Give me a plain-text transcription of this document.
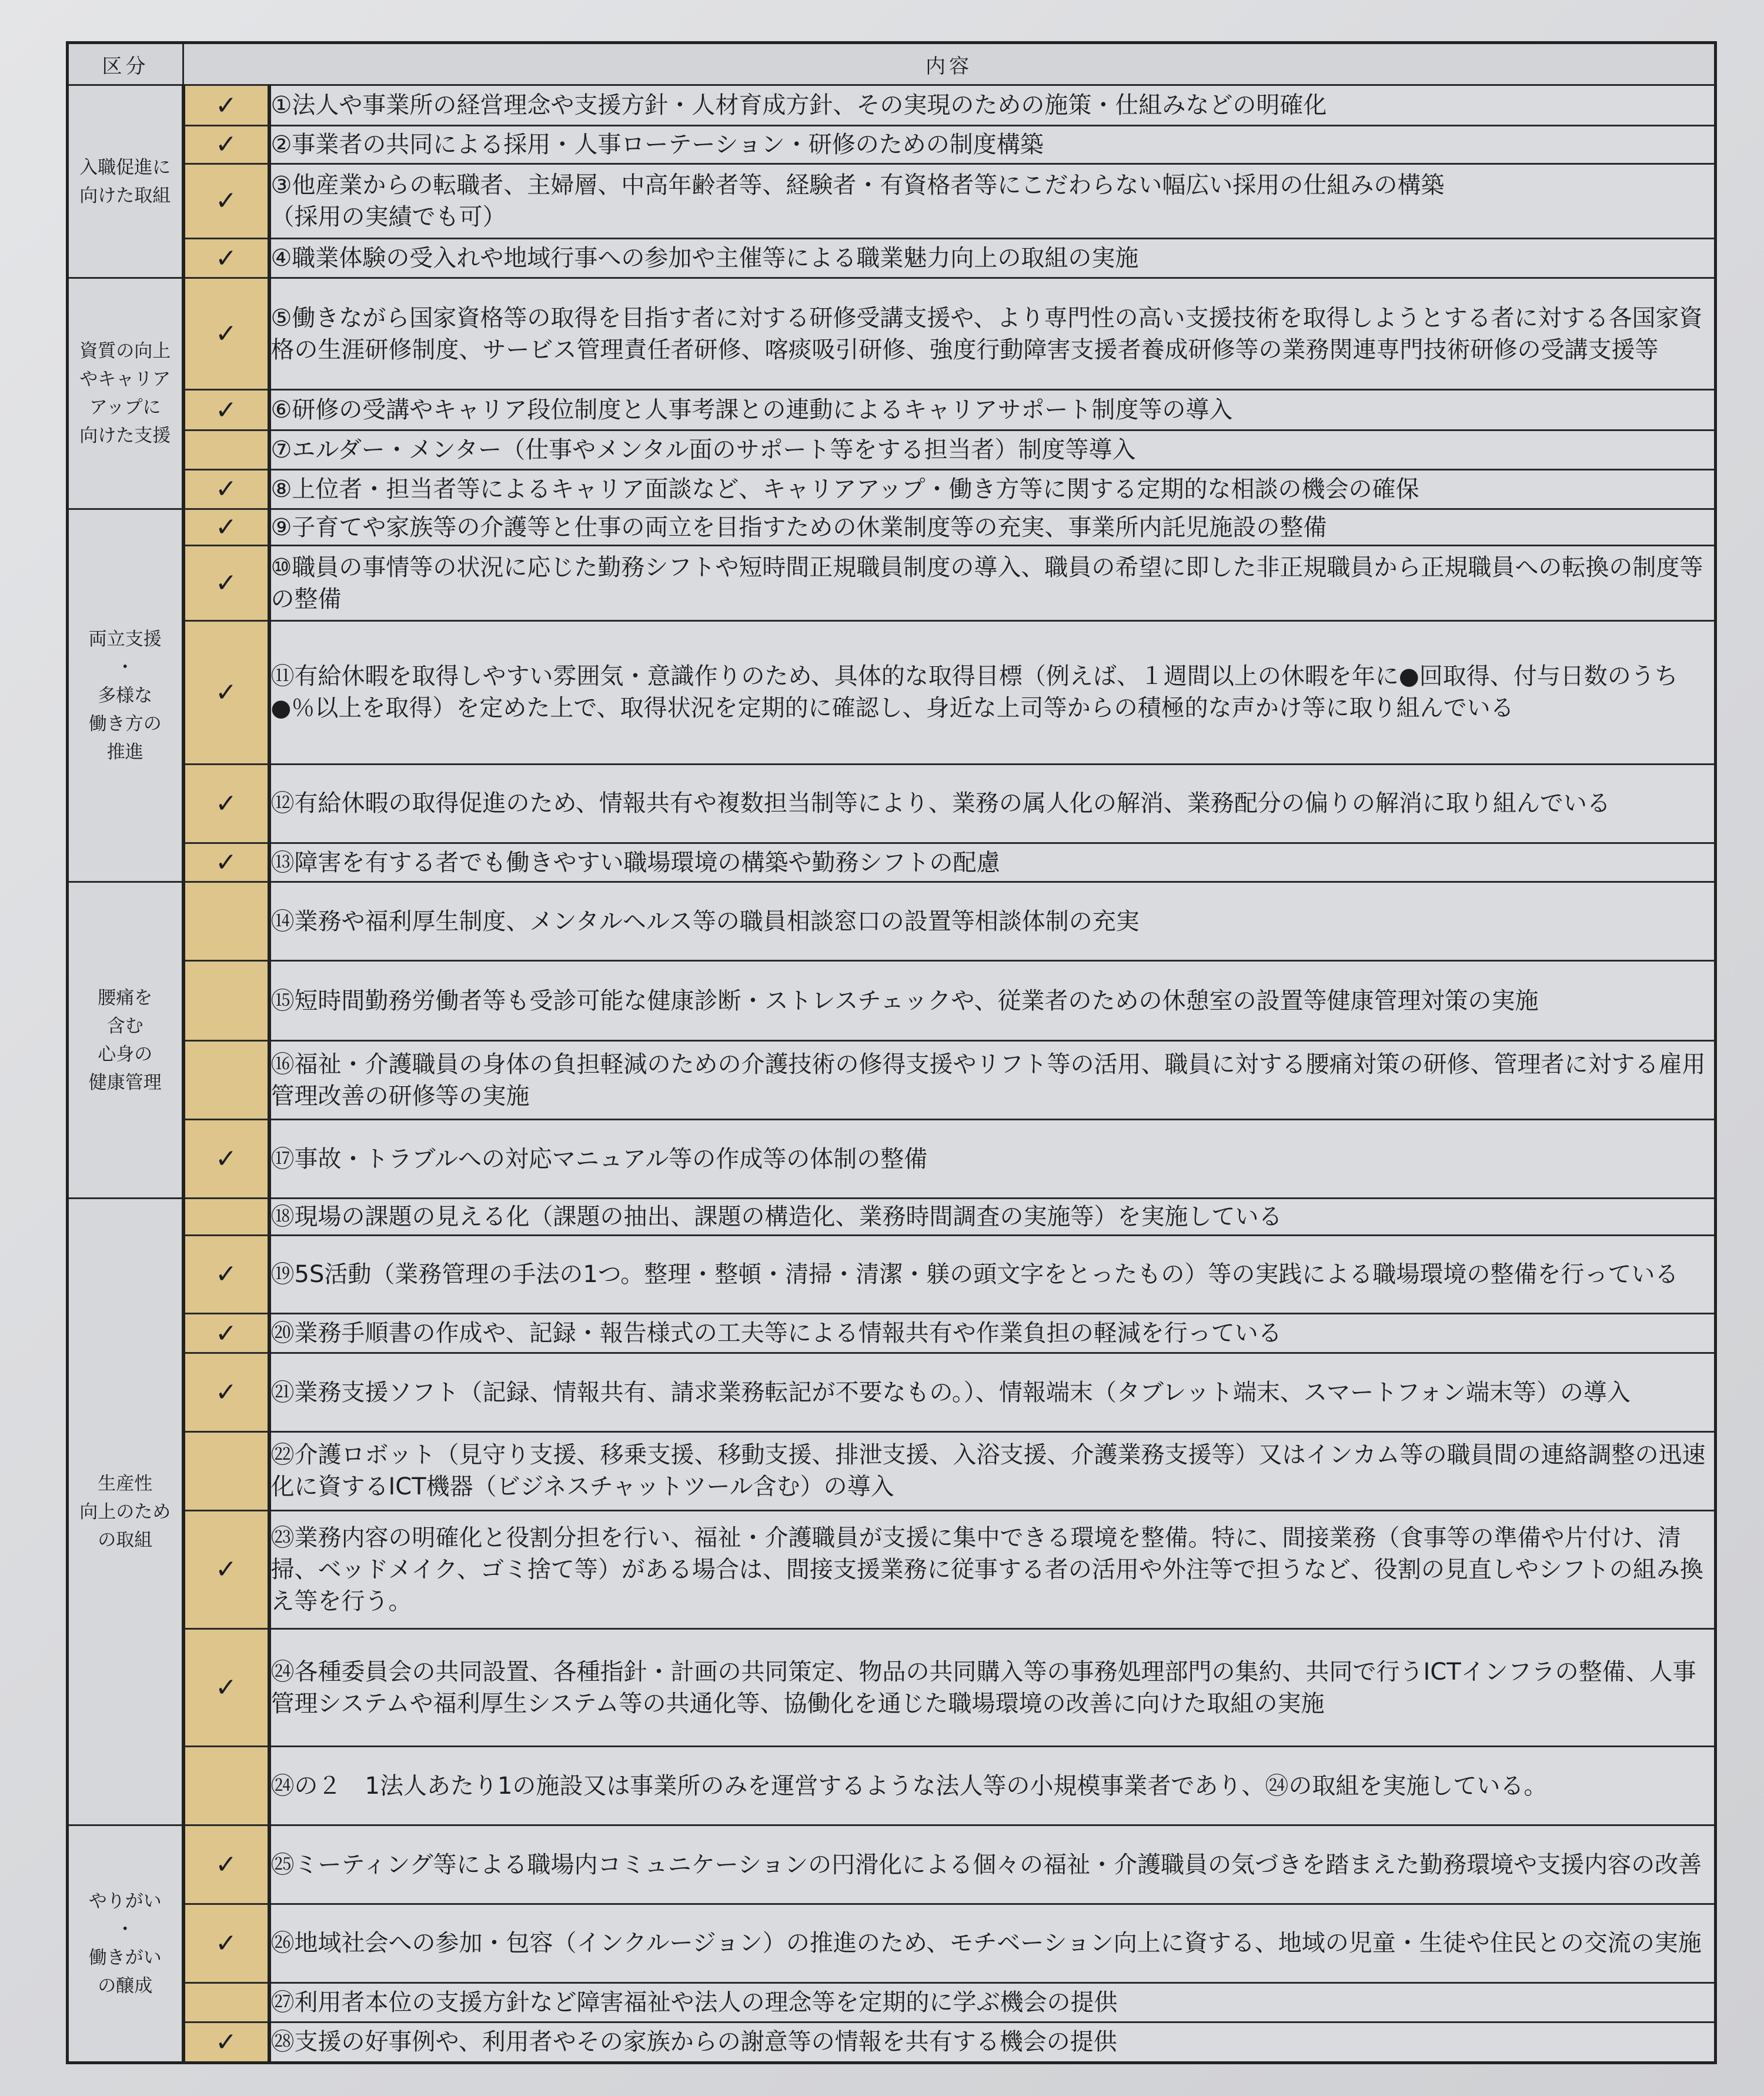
区分	内容	
入職促進に
向けた取組	✓	①法人や事業所の経営理念や支援方針・人材育成方針、その実現のための施策・仕組みなどの明確化
	✓	②事業者の共同による採用・人事ローテーション・研修のための制度構築
	✓	③他産業からの転職者、主婦層、中高年齢者等、経験者・有資格者等にこだわらない幅広い採用の仕組みの構築
（採用の実績でも可）
	✓	④職業体験の受入れや地域行事への参加や主催等による職業魅力向上の取組の実施
資質の向上
やキャリア
アップに
向けた支援	✓	⑤働きながら国家資格等の取得を目指す者に対する研修受講支援や、より専門性の高い支援技術を取得しようとする者に対する各国家資格の生涯研修制度、サービス管理責任者研修、喀痰吸引研修、強度行動障害支援者養成研修等の業務関連専門技術研修の受講支援等
	✓	⑥研修の受講やキャリア段位制度と人事考課との連動によるキャリアサポート制度等の導入
		⑦エルダー・メンター（仕事やメンタル面のサポート等をする担当者）制度等導入
	✓	⑧上位者・担当者等によるキャリア面談など、キャリアアップ・働き方等に関する定期的な相談の機会の確保
両立支援
・
多様な
働き方の
推進	✓	⑨子育てや家族等の介護等と仕事の両立を目指すための休業制度等の充実、事業所内託児施設の整備
	✓	⑩職員の事情等の状況に応じた勤務シフトや短時間正規職員制度の導入、職員の希望に即した非正規職員から正規職員への転換の制度等の整備
	✓	⑪有給休暇を取得しやすい雰囲気・意識作りのため、具体的な取得目標（例えば、１週間以上の休暇を年に●回取得、付与日数のうち●％以上を取得）を定めた上で、取得状況を定期的に確認し、身近な上司等からの積極的な声かけ等に取り組んでいる
	✓	⑫有給休暇の取得促進のため、情報共有や複数担当制等により、業務の属人化の解消、業務配分の偏りの解消に取り組んでいる
	✓	⑬障害を有する者でも働きやすい職場環境の構築や勤務シフトの配慮
腰痛を
含む
心身の
健康管理		⑭業務や福利厚生制度、メンタルヘルス等の職員相談窓口の設置等相談体制の充実
		⑮短時間勤務労働者等も受診可能な健康診断・ストレスチェックや、従業者のための休憩室の設置等健康管理対策の実施
		⑯福祉・介護職員の身体の負担軽減のための介護技術の修得支援やリフト等の活用、職員に対する腰痛対策の研修、管理者に対する雇用管理改善の研修等の実施
	✓	⑰事故・トラブルへの対応マニュアル等の作成等の体制の整備
生産性
向上のため
の取組		⑱現場の課題の見える化（課題の抽出、課題の構造化、業務時間調査の実施等）を実施している
	✓	⑲5S活動（業務管理の手法の1つ。整理・整頓・清掃・清潔・躾の頭文字をとったもの）等の実践による職場環境の整備を行っている
	✓	⑳業務手順書の作成や、記録・報告様式の工夫等による情報共有や作業負担の軽減を行っている
	✓	㉑業務支援ソフト（記録、情報共有、請求業務転記が不要なもの。）、情報端末（タブレット端末、スマートフォン端末等）の導入
		㉒介護ロボット（見守り支援、移乗支援、移動支援、排泄支援、入浴支援、介護業務支援等）又はインカム等の職員間の連絡調整の迅速化に資するICT機器（ビジネスチャットツール含む）の導入
	✓	㉓業務内容の明確化と役割分担を行い、福祉・介護職員が支援に集中できる環境を整備。特に、間接業務（食事等の準備や片付け、清掃、ベッドメイク、ゴミ捨て等）がある場合は、間接支援業務に従事する者の活用や外注等で担うなど、役割の見直しやシフトの組み換え等を行う。
	✓	㉔各種委員会の共同設置、各種指針・計画の共同策定、物品の共同購入等の事務処理部門の集約、共同で行うICTインフラの整備、人事管理システムや福利厚生システム等の共通化等、協働化を通じた職場環境の改善に向けた取組の実施
		㉔の２　1法人あたり1の施設又は事業所のみを運営するような法人等の小規模事業者であり、㉔の取組を実施している。
やりがい
・
働きがい
の醸成	✓	㉕ミーティング等による職場内コミュニケーションの円滑化による個々の福祉・介護職員の気づきを踏まえた勤務環境や支援内容の改善
	✓	㉖地域社会への参加・包容（インクルージョン）の推進のため、モチベーション向上に資する、地域の児童・生徒や住民との交流の実施
		㉗利用者本位の支援方針など障害福祉や法人の理念等を定期的に学ぶ機会の提供
	✓	㉘支援の好事例や、利用者やその家族からの謝意等の情報を共有する機会の提供
